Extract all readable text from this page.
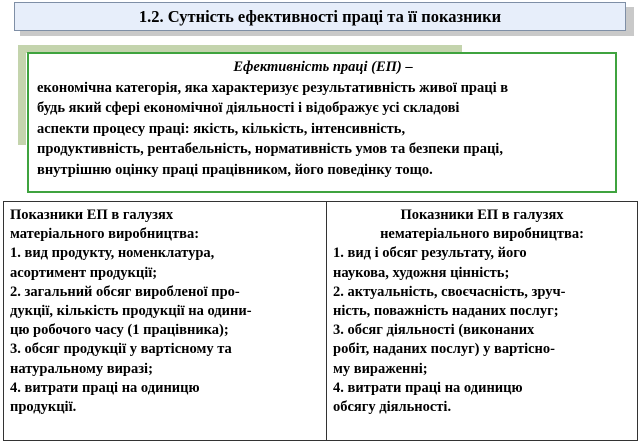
1.2. Сутність ефективності праці та її показники
Ефективність праці (ЕП) –
економічна категорія, яка характеризує результативність живої праці в
будь який сфері економічної діяльності і відображує усі складові
аспекти процесу праці: якість, кількість, інтенсивність,
продуктивність, рентабельність, нормативність умов та безпеки праці,
внутрішню оцінку праці працівником, його поведінку тощо.
Показники ЕП в галузях
матеріального виробництва:
1. вид продукту, номенклатура,
асортимент продукції;
2. загальний обсяг виробленої про-
дукції, кількість продукції на одини-
цю робочого часу (1 працівника);
3. обсяг продукції у вартісному та
натуральному виразі;
4. витрати праці на одиницю
продукції.
Показники ЕП в галузях
нематеріального виробництва:
1. вид і обсяг результату, його
наукова, художня цінність;
2. актуальність, своєчасність, зруч-
ність, поважність наданих послуг;
3. обсяг діяльності (виконаних
робіт, наданих послуг) у вартісно-
му вираженні;
4. витрати праці на одиницю
обсягу діяльності.
